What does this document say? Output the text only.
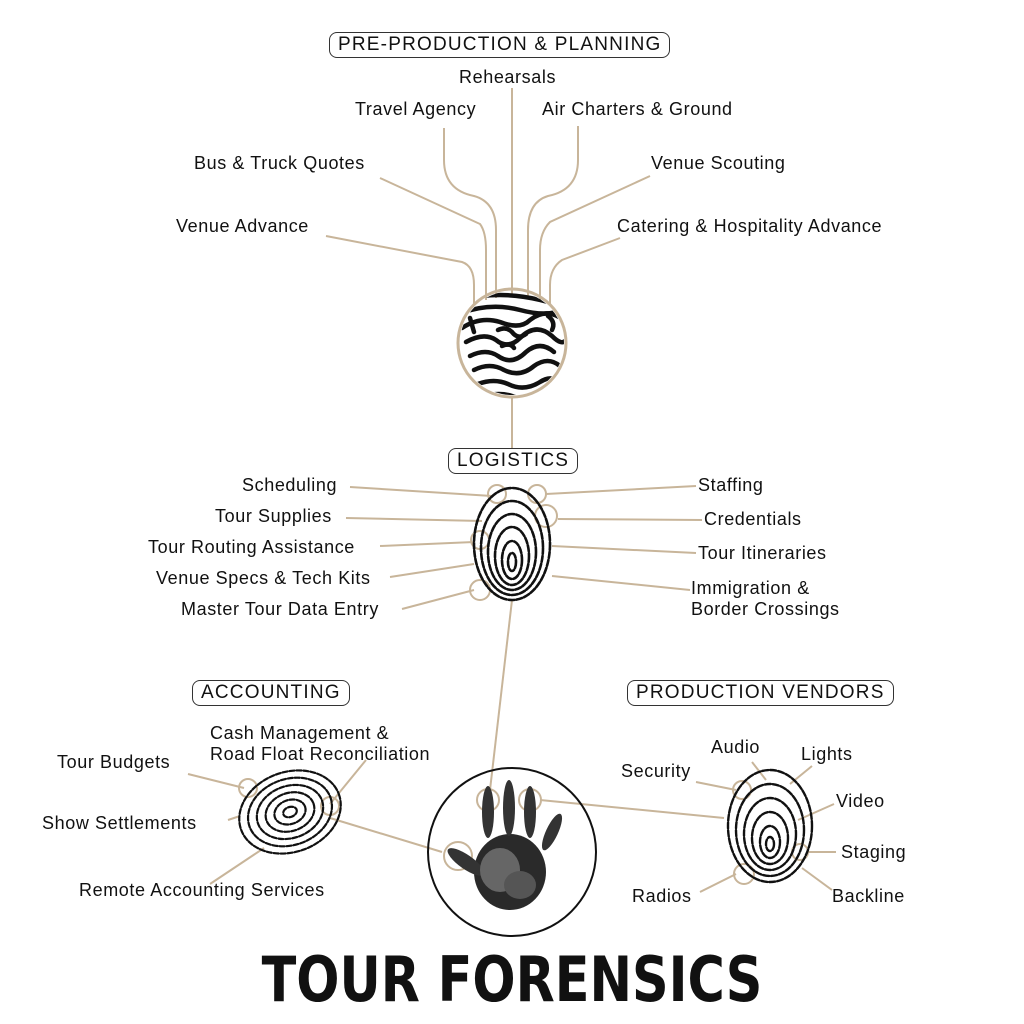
PRE-PRODUCTION & PLANNING
LOGISTICS
ACCOUNTING	PRODUCTION VENDORS
Rehearsals
Travel Agency	Air Charters & Ground
Bus & Truck Quotes	Venue Scouting
Venue Advance	Catering & Hospitality Advance
Scheduling
Tour Supplies
Tour Routing Assistance
Venue Specs & Tech Kits
Master Tour Data Entry
Staffing
Credentials
Tour Itineraries
Immigration &
Border Crossings
Cash Management &
Road Float Reconciliation
Tour Budgets
Show Settlements
Remote Accounting Services
Audio Lights
Security
Video
Staging
Radios	Backline
TOUR FORENSICS
